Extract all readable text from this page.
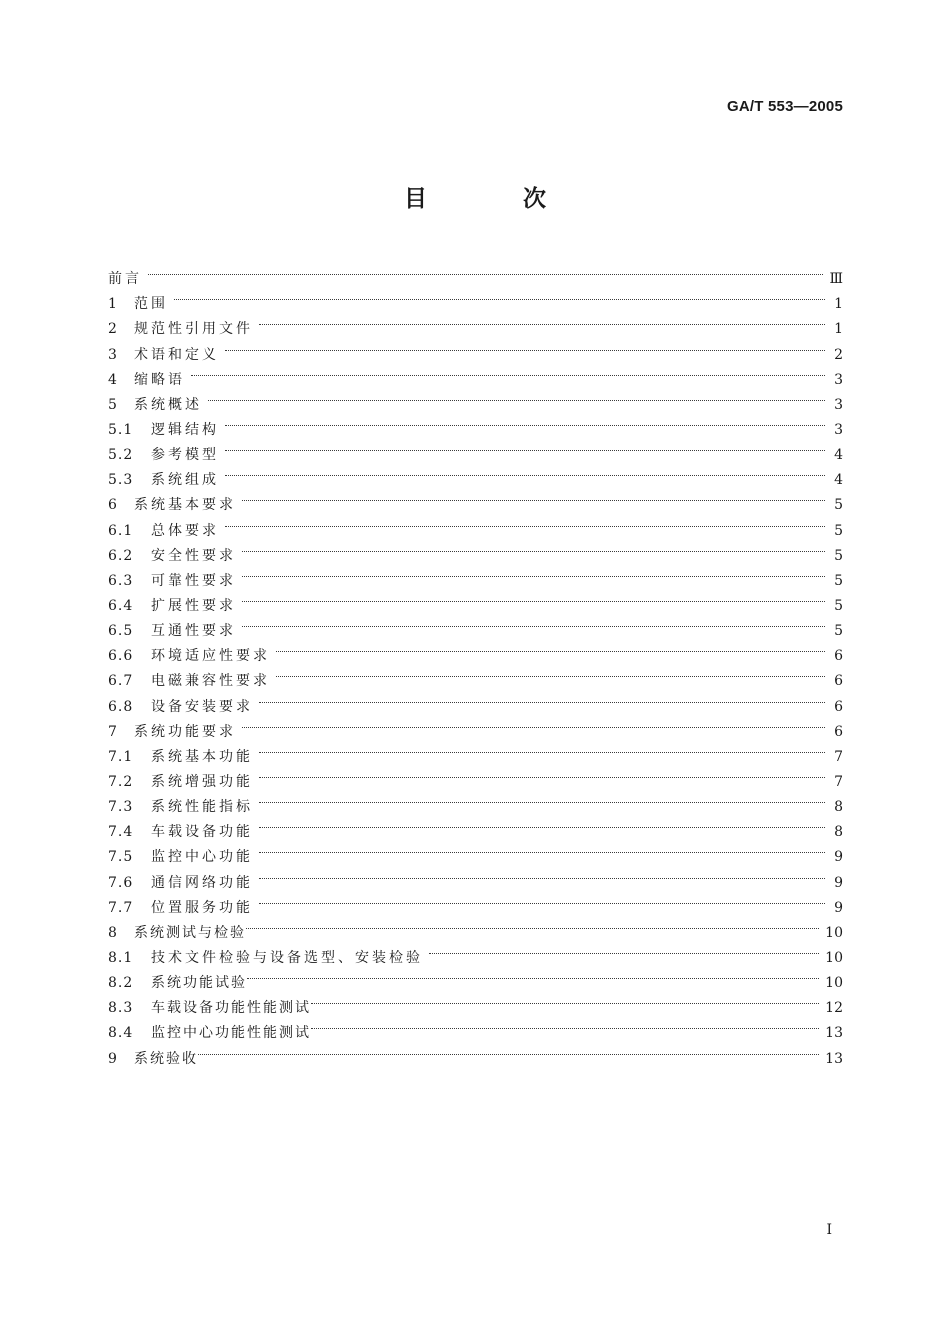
GA/T 553—2005
目 次
前言	Ⅲ
1	范围	1
2	规范性引用文件	1
3	术语和定义	2
4	缩略语	3
5	系统概述	3
5.1	逻辑结构	3
5.2	参考模型	4
5.3	系统组成	4
6	系统基本要求	5
6.1	总体要求	5
6.2	安全性要求	5
6.3	可靠性要求	5
6.4	扩展性要求	5
6.5	互通性要求	5
6.6	环境适应性要求	6
6.7	电磁兼容性要求	6
6.8	设备安装要求	6
7	系统功能要求	6
7.1	系统基本功能	7
7.2	系统增强功能	7
7.3	系统性能指标	8
7.4	车载设备功能	8
7.5	监控中心功能	9
7.6	通信网络功能	9
7.7	位置服务功能	9
8	系统测试与检验	10
8.1	技术文件检验与设备选型、安装检验	10
8.2	系统功能试验	10
8.3	车载设备功能性能测试	12
8.4	监控中心功能性能测试	13
9	系统验收	13
I
